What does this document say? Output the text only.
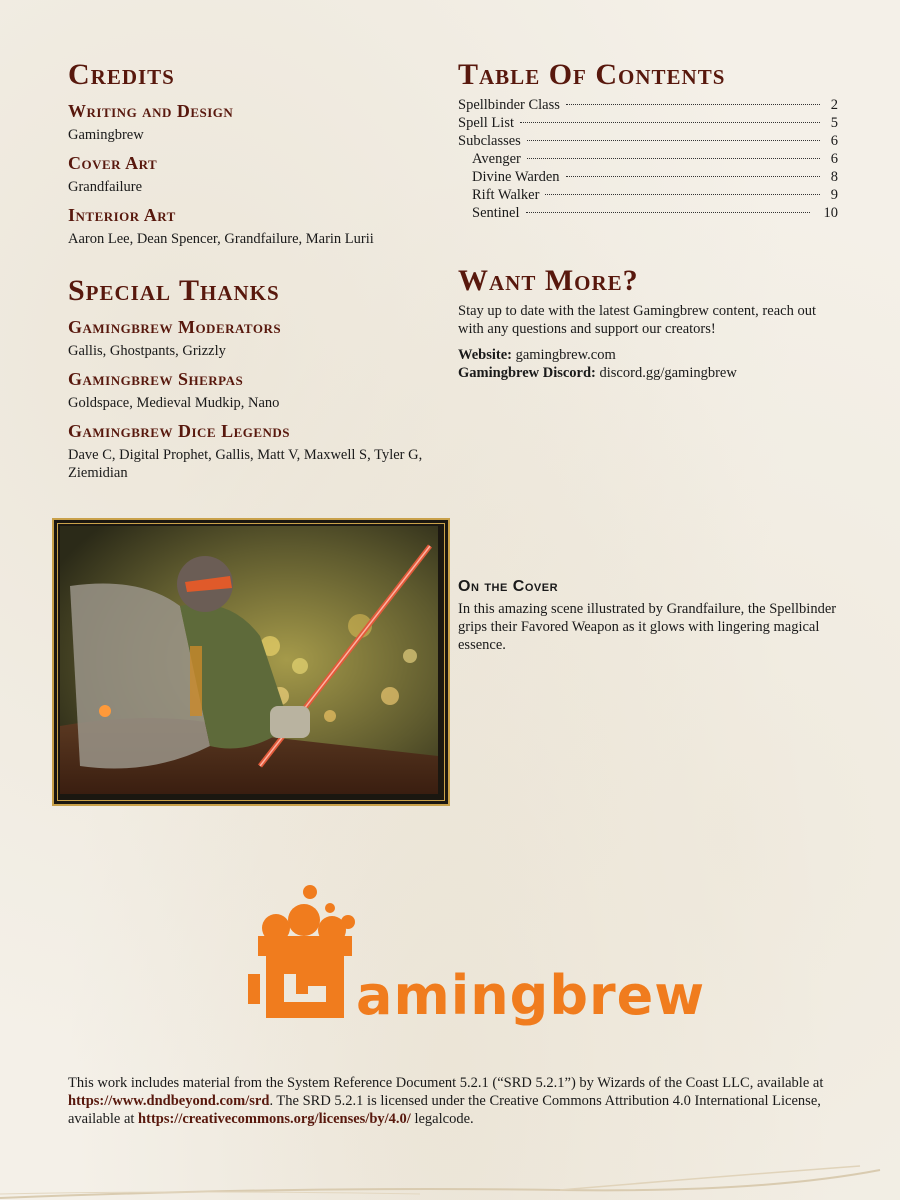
Credits
Writing and Design

Gamingbrew

Cover Art

Grandfailure

Interior Art

Aaron Lee, Dean Spencer, Grandfailure, Marin Lurii

Special Thanks
Gamingbrew Moderators

Gallis, Ghostpants, Grizzly

Gamingbrew Sherpas

Goldspace, Medieval Mudkip, Nano

Gamingbrew Dice Legends

Dave C, Digital Prophet, Gallis, Matt V, Maxwell S, Tyler G, Ziemidian

Table Of Contents
Spellbinder Class	2
Spell List	5
Subclasses	6
Avenger	6
Divine Warden	8
Rift Walker	9
Sentinel	10
Want More?

Stay up to date with the latest Gamingbrew content, reach out with any questions and support our creators!

Website: gamingbrew.com

Gamingbrew Discord: discord.gg/gamingbrew

On the Cover

In this amazing scene illustrated by Grandfailure, the Spellbinder grips their Favored Weapon as it glows with lingering magical essence.

amingbrew
This work includes material from the System Reference Document 5.2.1 (“SRD 5.2.1”) by Wizards of the Coast LLC, available at https://www.dndbeyond.com/srd. The SRD 5.2.1 is licensed under the Creative Commons Attribution 4.0 International License, available at https://creativecommons.org/licenses/by/4.0/ legalcode.
